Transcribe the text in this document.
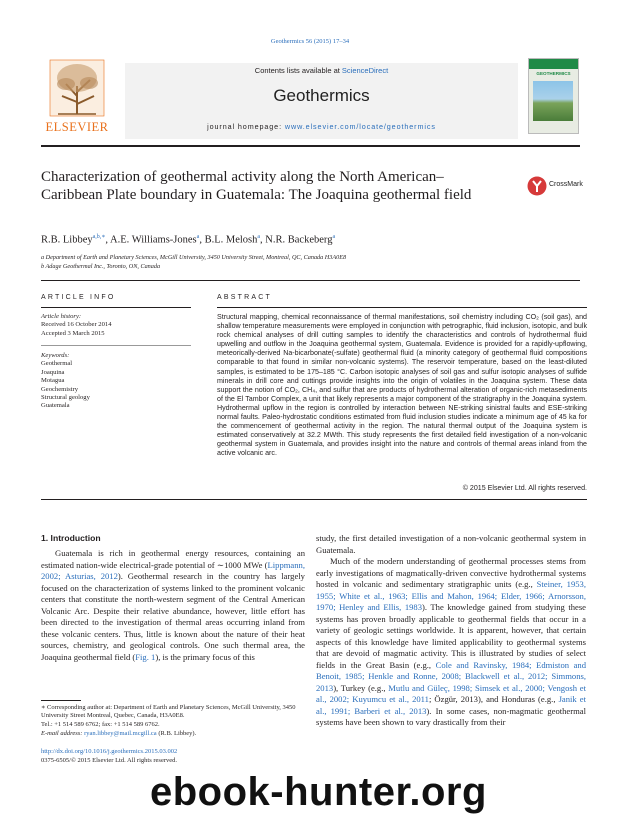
Geothermics 56 (2015) 17–34
ELSEVIER
Contents lists available at ScienceDirect
Geothermics
journal homepage: www.elsevier.com/locate/geothermics
GEOTHERMICS
Characterization of geothermal activity along the North American–Caribbean Plate boundary in Guatemala: The Joaquina geothermal field
CrossMark
R.B. Libbey$^{a,b,∗}$, A.E. Williams-Jones$^a$, B.L. Melosh$^a$, N.R. Backeberg$^a$
a Department of Earth and Planetary Sciences, McGill University, 3450 University Street, Montreal, QC, Canada H3A0E8
b Adage Geothermal Inc., Toronto, ON, Canada
ARTICLE INFO	ABSTRACT
Article history:
Received 16 October 2014
Accepted 3 March 2015
Keywords:
Geothermal
Joaquina
Motagua
Geochemistry
Structural geology
Guatemala
Structural mapping, chemical reconnaissance of thermal manifestations, soil chemistry including CO₂ (soil gas), and shallow temperature measurements were employed in conjunction with petrographic, fluid inclusion, isotopic, and bulk rock chemical analyses of drill cutting samples to identify the characteristics and controls of hydrothermal fluid upwelling and outflow in the Joaquina geothermal system, Guatemala. Evidence is provided for a rapidly-upflowing, meteorically-derived Na-bicarbonate(-sulfate) geothermal fluid (a minority category of geothermal fluid compositions comparable to that found in similar non-volcanic systems). The reservoir temperature, based on the least-diluted samples, is estimated to be 175–185 °C. Carbon isotopic analyses of soil gas and sulfur isotopic analyses of sulfide minerals in drill core and cuttings provide insights into the origin of volatiles in the Joaquina system. These data support the notion of CO₂, CH₄, and sulfur that are products of hydrothermal alteration of organic-rich metasediments of the El Tambor Complex, a unit that likely represents a major component of the stratigraphy in the Joaquina system. Hydrothermal upflow in the region is controlled by interaction between NE-striking sinistral faults and ESE-striking normal faults. Paleo-hydrostatic conditions estimated from fluid inclusion studies indicate a minimum age of 45 ka for the commencement of geothermal activity in the region. The natural thermal output of the Joaquina system is estimated conservatively at 32.2 MWth. This study represents the first detailed field investigation of a non-volcanic geothermal system in Guatemala, and provides insight into the nature and controls of thermal areas inland from the active volcanic arc.
© 2015 Elsevier Ltd. All rights reserved.
1. Introduction
Guatemala is rich in geothermal energy resources, containing an estimated nation-wide electrical-grade potential of ∼1000 MWe (Lippmann, 2002; Asturias, 2012). Geothermal research in the country has largely focused on the characterization of systems linked to the prominent volcanic centers that constitute the north-western segment of the Central American Volcanic Arc. Despite their relative abundance, however, little effort has been directed to the investigation of thermal areas occurring inland from these volcanic centers. Thus, little is known about the nature of their heat sources, chemistry, and geological controls. One such thermal area, the Joaquina geothermal field (Fig. 1), is the primary focus of this
study, the first detailed investigation of a non-volcanic geothermal system in Guatemala.
Much of the modern understanding of geothermal processes stems from early investigations of magmatically-driven convective hydrothermal systems hosted in volcanic and sedimentary stratigraphic units (e.g., Steiner, 1953, 1955; White et al., 1963; Ellis and Mahon, 1964; Elder, 1966; Arnorsson, 1970; Henley and Ellis, 1983). The knowledge gained from studying these systems has proven broadly applicable to geothermal fields that occur in a variety of geologic settings worldwide. It is apparent, however, that certain aspects of this knowledge have limited applicability to geothermal systems that are devoid of magmatic activity. This is illustrated by studies of select fields in the Great Basin (e.g., Cole and Ravinsky, 1984; Edmiston and Benoit, 1985; Henkle and Ronne, 2008; Blackwell et al., 2012; Simmons, 2013), Turkey (e.g., Mutlu and Güleç, 1998; Simsek et al., 2000; Vengosh et al., 2002; Kuyumcu et al., 2011; Özgür, 2013), and Honduras (e.g., Janik et al., 1991; Barberi et al., 2013). In some cases, non-magmatic geothermal systems have been shown to vary drastically from their
∗ Corresponding author at: Department of Earth and Planetary Sciences, McGill University, 3450 University Street Montreal, Quebec, Canada, H3A0E8.
Tel.: +1 514 589 6762; fax: +1 514 589 6762.
E-mail address: ryan.libbey@mail.mcgill.ca (R.B. Libbey).
http://dx.doi.org/10.1016/j.geothermics.2015.03.002
0375-6505/© 2015 Elsevier Ltd. All rights reserved.
ebook-hunter.org
